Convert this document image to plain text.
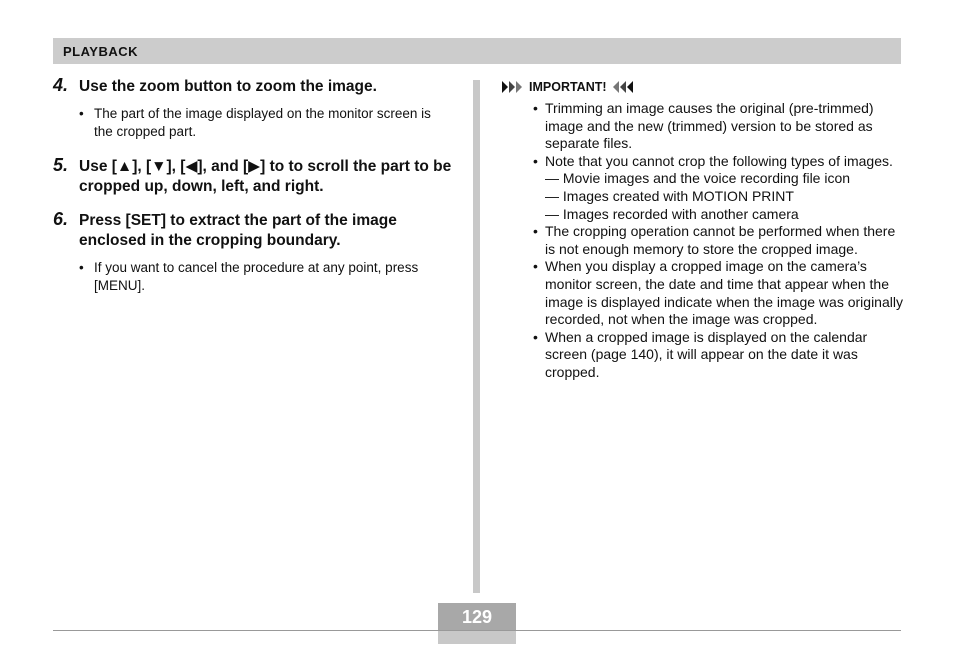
PLAYBACK
4. Use the zoom button to zoom the image.
• The part of the image displayed on the monitor screen is the cropped part.
5. Use [▲], [▼], [◀], and [▶] to to scroll the part to be cropped up, down, left, and right.
6. Press [SET] to extract the part of the image enclosed in the cropping boundary.
• If you want to cancel the procedure at any point, press [MENU].
IMPORTANT!
• Trimming an image causes the original (pre-trimmed) image and the new (trimmed) version to be stored as separate files.
• Note that you cannot crop the following types of images.
— Movie images and the voice recording file icon
— Images created with MOTION PRINT
— Images recorded with another camera
• The cropping operation cannot be performed when there is not enough memory to store the cropped image.
• When you display a cropped image on the camera’s monitor screen, the date and time that appear when the image is displayed indicate when the image was originally recorded, not when the image was cropped.
• When a cropped image is displayed on the calendar screen (page 140), it will appear on the date it was cropped.
129
